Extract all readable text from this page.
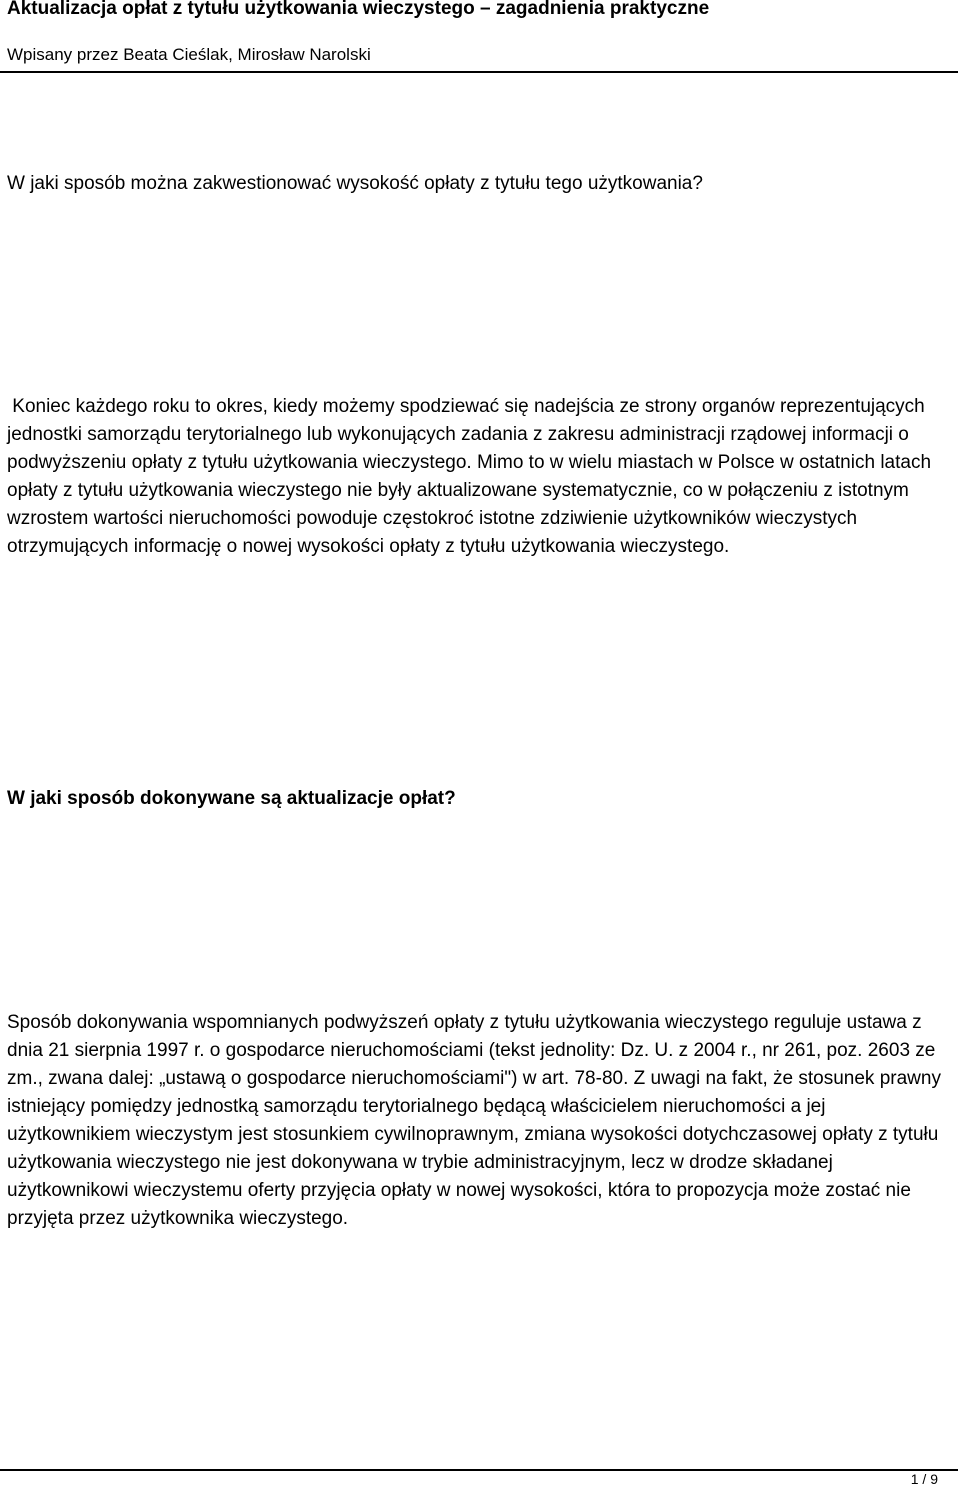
Aktualizacja opłat z tytułu użytkowania wieczystego – zagadnienia praktyczne
Wpisany przez Beata Cieślak, Mirosław Narolski
W jaki sposób można zakwestionować wysokość opłaty z tytułu tego użytkowania?
Koniec każdego roku to okres, kiedy możemy spodziewać się nadejścia ze strony organów reprezentujących jednostki samorządu terytorialnego lub wykonujących zadania z zakresu administracji rządowej informacji o podwyższeniu opłaty z tytułu użytkowania wieczystego. Mimo to w wielu miastach w Polsce w ostatnich latach opłaty z tytułu użytkowania wieczystego nie były aktualizowane systematycznie, co w połączeniu z istotnym wzrostem wartości nieruchomości powoduje częstokroć istotne zdziwienie użytkowników wieczystych otrzymujących informację o nowej wysokości opłaty z tytułu użytkowania wieczystego.
W jaki sposób dokonywane są aktualizacje opłat?
Sposób dokonywania wspomnianych podwyższeń opłaty z tytułu użytkowania wieczystego reguluje ustawa z dnia 21 sierpnia 1997 r. o gospodarce nieruchomościami (tekst jednolity: Dz. U. z 2004 r., nr 261, poz. 2603 ze zm., zwana dalej: „ustawą o gospodarce nieruchomościami") w art. 78-80. Z uwagi na fakt, że stosunek prawny istniejący pomiędzy jednostką samorządu terytorialnego będącą właścicielem nieruchomości a jej użytkownikiem wieczystym jest stosunkiem cywilnoprawnym, zmiana wysokości dotychczasowej opłaty z tytułu użytkowania wieczystego nie jest dokonywana w trybie administracyjnym, lecz w drodze składanej użytkownikowi wieczystemu oferty przyjęcia opłaty w nowej wysokości, która to propozycja może zostać nie przyjęta przez użytkownika wieczystego.
1 / 9
